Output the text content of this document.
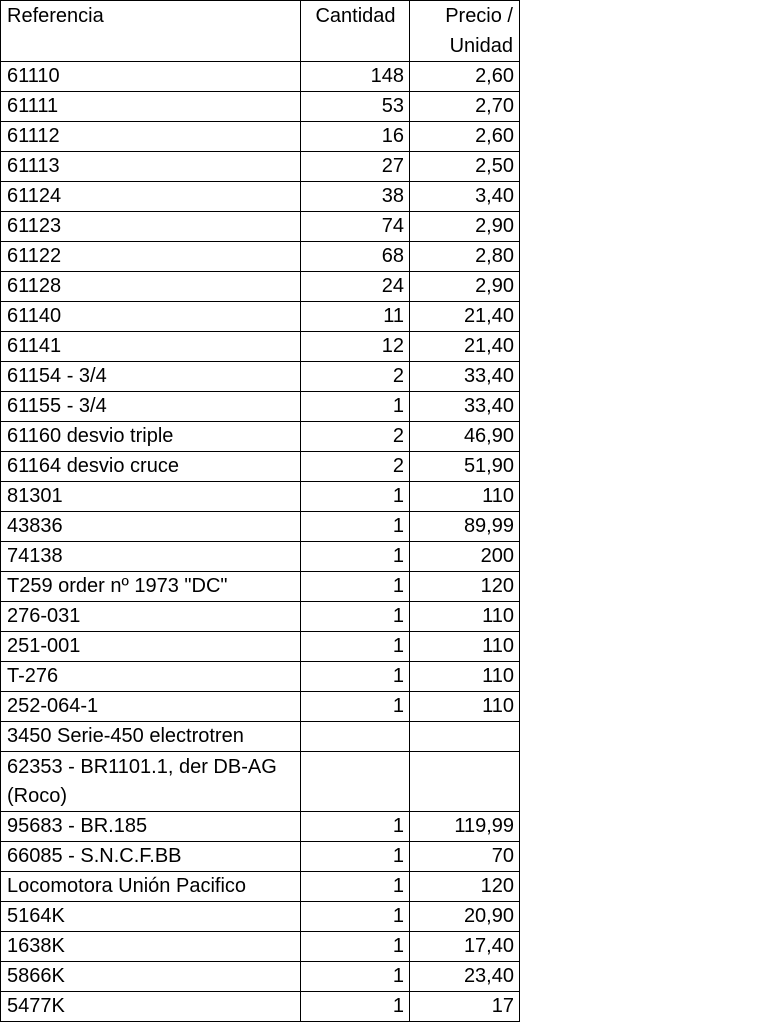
Referencia	Cantidad	Precio /
Unidad
61110	148	2,60
61111	53	2,70
61112	16	2,60
61113	27	2,50
61124	38	3,40
61123	74	2,90
61122	68	2,80
61128	24	2,90
61140	11	21,40
61141	12	21,40
61154 - 3/4	2	33,40
61155 - 3/4	1	33,40
61160 desvio triple	2	46,90
61164 desvio cruce	2	51,90
81301	1	110
43836	1	89,99
74138	1	200
T259 order nº 1973 "DC"	1	120
276-031	1	110
251-001	1	110
T-276	1	110
252-064-1	1	110
3450 Serie-450 electrotren		
62353 - BR1101.1, der DB-AG (Roco)		
95683 - BR.185	1	119,99
66085 - S.N.C.F.BB	1	70
Locomotora Unión Pacifico	1	120
5164K	1	20,90
1638K	1	17,40
5866K	1	23,40
5477K	1	17
